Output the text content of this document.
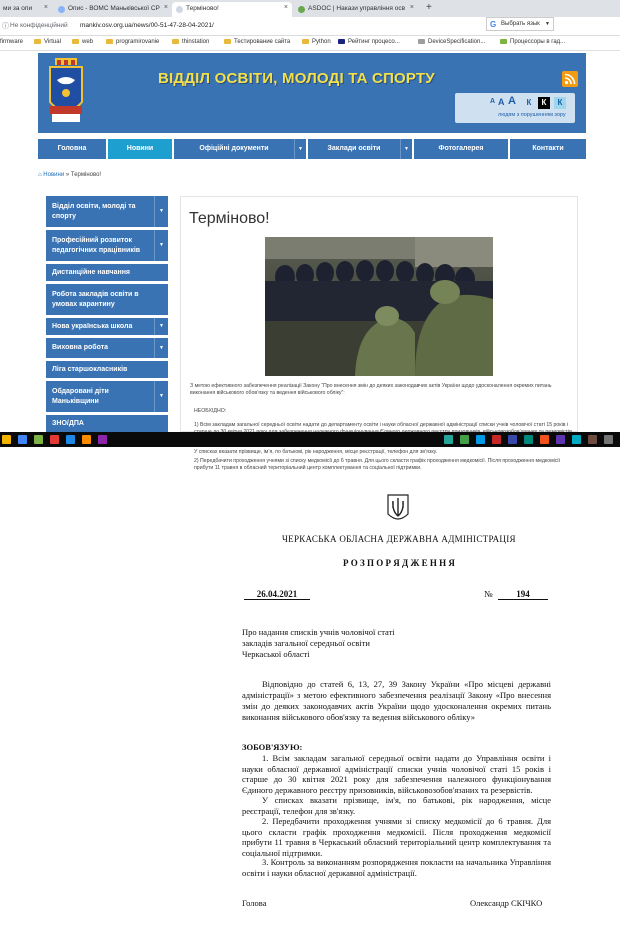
ми за опи ×	Опис - ВОМС Маньківської СР ×	Терміново!	×	ASDOC | Накази управління осв × +
ⓘ Не конфіденційний mankiv.osv.org.ua/news/00-51-47-28-04-2021/
firmware	Virtual	web	programirovanie	thinstation	Тестирование сайта	Python	Рейтинг процесо...	DeviceSpecification...	Процессоры в гад...
ВІДДІЛ ОСВІТИ, МОЛОДІ ТА СПОРТУ
G Выбрать язык ▼
A A A	К	К	К
людям з порушенням зору
Головна	Новини	Офіційні документи	▼	Заклади освіти	▼	Фотогалерея	Контакти
⌂ Новини » Терміново!
Відділ освіти, молоді та спорту
▼
Професійний розвиток педагогічних працівників
▼
Дистанційне навчання
Робота закладів освіти в умовах карантину
Нова українська школа	▼
Виховна робота	▼
Ліга старшокласників
Обдаровані діти Маньківщини
▼
ЗНО/ДПА
Терміново!
З метою ефективного забезпечення реалізації Закону “Про внесення змін до деяких законодавчих актів України щодо удосконалення окремих питань виконання військового обов’язку та ведення військового обліку”:
НЕОБХІДНО:
1) Всім закладам загальної середньої освіти надати до департаменту освіти і науки обласної державної адміністрації списки учнів чоловічої статі 15 років і
У списках вказати прізвище, ім’я, по батькові, рік народження, місце реєстрації, телефон для зв’язку.
2) Передбачити проходження учнями зі списку медкомісії до 6 травня. Для цього скласти графік проходження медкомісії. Після проходження медкомісії прибути 11 травня в обласний територіальний центр комплектування та соціальної підтримки.
ЧЕРКАСЬКА ОБЛАСНА ДЕРЖАВНА АДМІНІСТРАЦІЯ
Р О З П О Р Я Д Ж Е Н Н Я
26.04.2021	№	194
Про надання списків учнів чоловічої статі
закладів загальної середньої освіти
Черкаської області
Відповідно до статей 6, 13, 27, 39 Закону України «Про місцеві державні адміністрації» з метою ефективного забезпечення реалізації Закону «Про внесення змін до деяких законодавчих актів України щодо удосконалення окремих питань виконання військового обов'язку та ведення військового обліку»
ЗОБОВ'ЯЗУЮ:
1. Всім закладам загальної середньої освіти надати до Управління освіти і науки обласної державної адміністрації списки учнів чоловічої статі 15 років і старше до 30 квітня 2021 року для забезпечення належного функціонування Єдиного державного реєстру призовників, військовозобов'язаних та резервістів.
У списках вказати прізвище, ім'я, по батькові, рік народження, місце реєстрації, телефон для зв'язку.
2. Передбачити проходження учнями зі списку медкомісії до 6 травня. Для цього скласти графік проходження медкомісії. Після проходження медкомісії прибути 11 травня в Черкаський обласний територіальний центр комплектування та соціальної підтримки.
3. Контроль за виконанням розпорядження покласти на начальника Управління освіти і науки обласної державної адміністрації.
Голова	Олександр СКІЧКО
